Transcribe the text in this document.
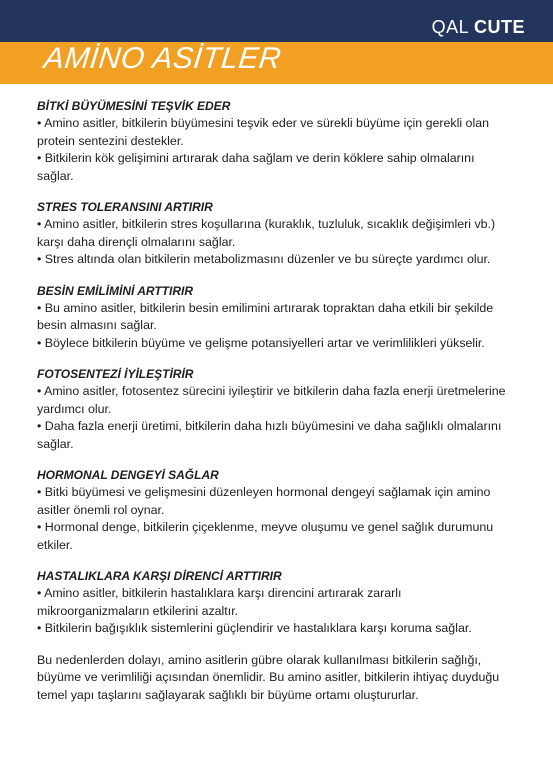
QAL CUTE
AMİNO ASİTLER

BİTKİ BÜYÜMESİNİ TEŞVİK EDER

• Amino asitler, bitkilerin büyümesini teşvik eder ve sürekli büyüme için gerekli olan protein sentezini destekler.

• Bitkilerin kök gelişimini artırarak daha sağlam ve derin köklere sahip olmalarını sağlar.

STRES TOLERANSINI ARTIRIR

• Amino asitler, bitkilerin stres koşullarına (kuraklık, tuzluluk, sıcaklık değişimleri vb.) karşı daha dirençli olmalarını sağlar.

• Stres altında olan bitkilerin metabolizmasını düzenler ve bu süreçte yardımcı olur.

BESİN EMİLİMİNİ ARTTIRIR

• Bu amino asitler, bitkilerin besin emilimini artırarak topraktan daha etkili bir şekilde besin almasını sağlar.

• Böylece bitkilerin büyüme ve gelişme potansiyelleri artar ve verimlilikleri yükselir.

FOTOSENTEZİ İYİLEŞTİRİR

• Amino asitler, fotosentez sürecini iyileştirir ve bitkilerin daha fazla enerji üretmelerine yardımcı olur.

• Daha fazla enerji üretimi, bitkilerin daha hızlı büyümesini ve daha sağlıklı olmalarını sağlar.

HORMONAL DENGEYİ SAĞLAR

• Bitki büyümesi ve gelişmesini düzenleyen hormonal dengeyi sağlamak için amino asitler önemli rol oynar.

• Hormonal denge, bitkilerin çiçeklenme, meyve oluşumu ve genel sağlık durumunu etkiler.

HASTALIKLARA KARŞI DİRENCİ ARTTIRIR

• Amino asitler, bitkilerin hastalıklara karşı direncini artırarak zararlı mikroorganizmaların etkilerini azaltır.

• Bitkilerin bağışıklık sistemlerini güçlendirir ve hastalıklara karşı koruma sağlar.

Bu nedenlerden dolayı, amino asitlerin gübre olarak kullanılması bitkilerin sağlığı, büyüme ve verimliliği açısından önemlidir. Bu amino asitler, bitkilerin ihtiyaç duyduğu temel yapı taşlarını sağlayarak sağlıklı bir büyüme ortamı oluştururlar.
